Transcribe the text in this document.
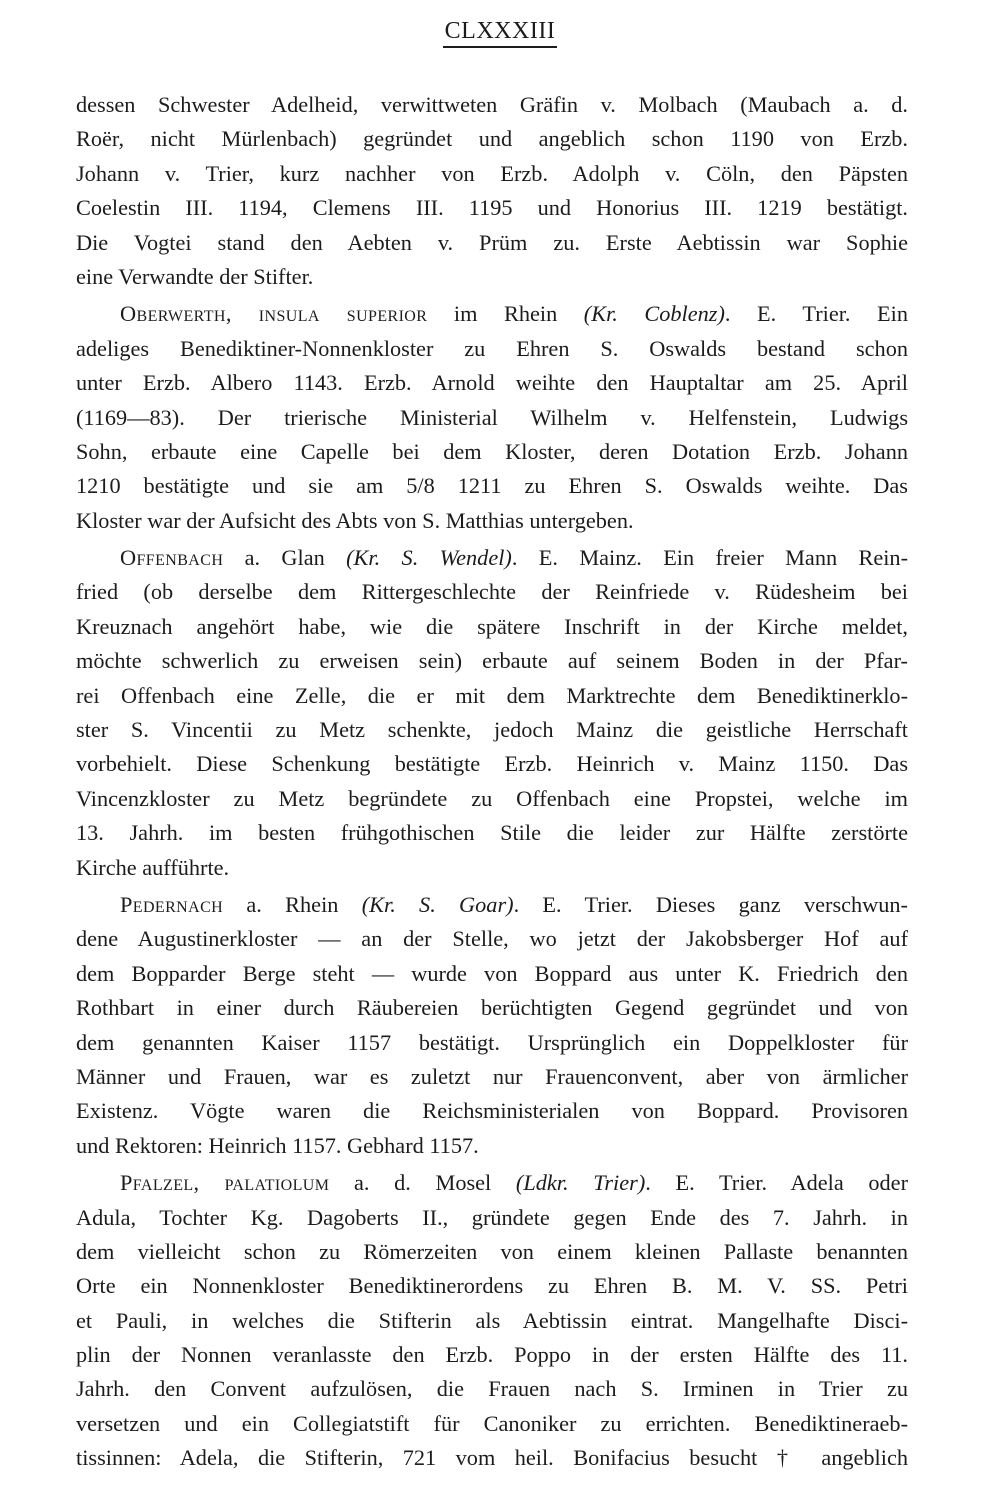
CLXXXIII
dessen Schwester Adelheid, verwittweten Gräfin v. Molbach (Maubach a. d.
Roër, nicht Mürlenbach) gegründet und angeblich schon 1190 von Erzb.
Johann v. Trier, kurz nachher von Erzb. Adolph v. Cöln, den Päpsten
Coelestin III. 1194, Clemens III. 1195 und Honorius III. 1219 bestätigt.
Die Vogtei stand den Aebten v. Prüm zu. Erste Aebtissin war Sophie
eine Verwandte der Stifter.
Oberwerth, insula superior im Rhein (Kr. Coblenz). E. Trier. Ein
adeliges Benediktiner-Nonnenkloster zu Ehren S. Oswalds bestand schon
unter Erzb. Albero 1143. Erzb. Arnold weihte den Hauptaltar am 25. April
(1169—83). Der trierische Ministerial Wilhelm v. Helfenstein, Ludwigs
Sohn, erbaute eine Capelle bei dem Kloster, deren Dotation Erzb. Johann
1210 bestätigte und sie am 5/8 1211 zu Ehren S. Oswalds weihte. Das
Kloster war der Aufsicht des Abts von S. Matthias untergeben.
Offenbach a. Glan (Kr. S. Wendel). E. Mainz. Ein freier Mann Rein-
fried (ob derselbe dem Rittergeschlechte der Reinfriede v. Rüdesheim bei
Kreuznach angehört habe, wie die spätere Inschrift in der Kirche meldet,
möchte schwerlich zu erweisen sein) erbaute auf seinem Boden in der Pfar-
rei Offenbach eine Zelle, die er mit dem Marktrechte dem Benediktinerklo-
ster S. Vincentii zu Metz schenkte, jedoch Mainz die geistliche Herrschaft
vorbehielt. Diese Schenkung bestätigte Erzb. Heinrich v. Mainz 1150. Das
Vincenzkloster zu Metz begründete zu Offenbach eine Propstei, welche im
13. Jahrh. im besten frühgothischen Stile die leider zur Hälfte zerstörte
Kirche aufführte.
Pedernach a. Rhein (Kr. S. Goar). E. Trier. Dieses ganz verschwun-
dene Augustinerkloster — an der Stelle, wo jetzt der Jakobsberger Hof auf
dem Bopparder Berge steht — wurde von Boppard aus unter K. Friedrich den
Rothbart in einer durch Räubereien berüchtigten Gegend gegründet und von
dem genannten Kaiser 1157 bestätigt. Ursprünglich ein Doppelkloster für
Männer und Frauen, war es zuletzt nur Frauenconvent, aber von ärmlicher
Existenz. Vögte waren die Reichsministerialen von Boppard. Provisoren
und Rektoren: Heinrich 1157. Gebhard 1157.
Pfalzel, palatiolum a. d. Mosel (Ldkr. Trier). E. Trier. Adela oder
Adula, Tochter Kg. Dagoberts II., gründete gegen Ende des 7. Jahrh. in
dem vielleicht schon zu Römerzeiten von einem kleinen Pallaste benannten
Orte ein Nonnenkloster Benediktinerordens zu Ehren B. M. V. SS. Petri
et Pauli, in welches die Stifterin als Aebtissin eintrat. Mangelhafte Disci-
plin der Nonnen veranlasste den Erzb. Poppo in der ersten Hälfte des 11.
Jahrh. den Convent aufzulösen, die Frauen nach S. Irminen in Trier zu
versetzen und ein Collegiatstift für Canoniker zu errichten. Benediktineraeb-
tissinnen: Adela, die Stifterin, 721 vom heil. Bonifacius besucht † angeblich
